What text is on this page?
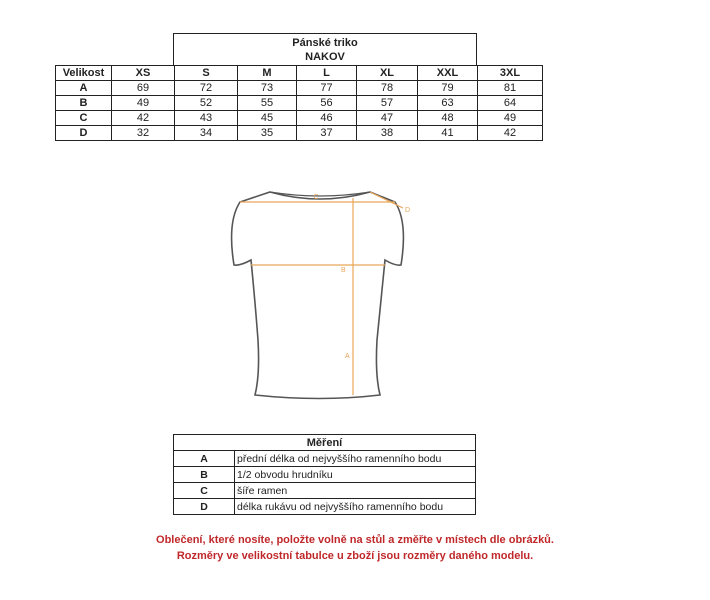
Pánské triko
NAKOV
Velikost	XS	S	M	L	XL	XXL	3XL
A	69	72	73	77	78	79	81
B	49	52	55	56	57	63	64
C	42	43	45	46	47	48	49
D	32	34	35	37	38	41	42
C
D
B
A
Měření	
A	přední délka od nejvyššího ramenního bodu
B	1/2 obvodu hrudníku
C	šíře ramen
D	délka rukávu od nejvyššího ramenního bodu
Oblečení, které nosíte, položte volně na stůl a změřte v místech dle obrázků.
Rozměry ve velikostní tabulce u zboží jsou rozměry daného modelu.
